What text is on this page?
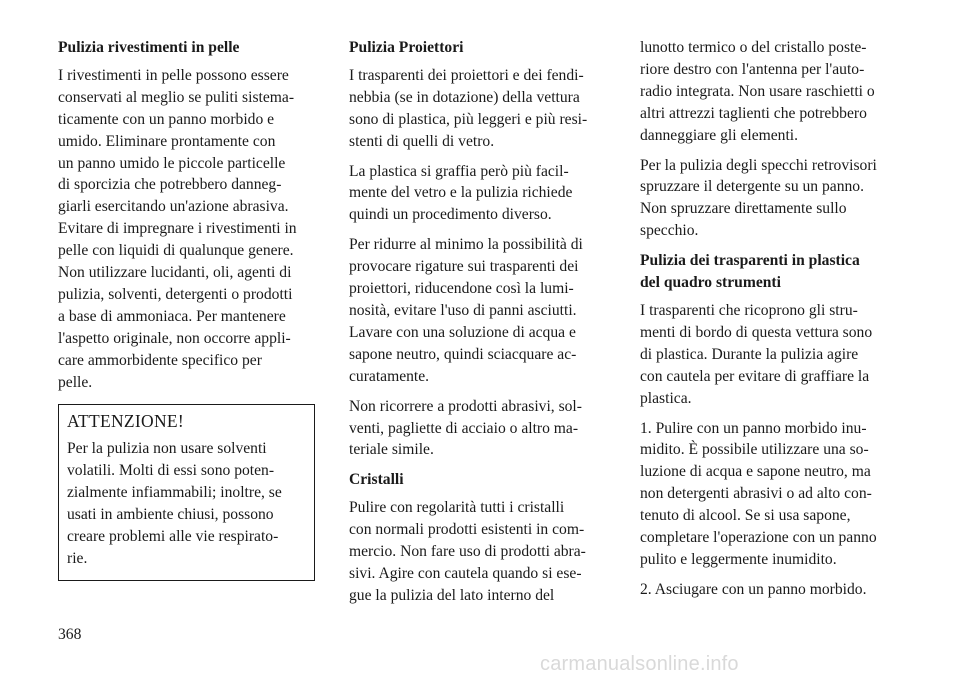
Pulizia rivestimenti in pelle
I rivestimenti in pelle possono essere
conservati al meglio se puliti sistema-
ticamente con un panno morbido e
umido. Eliminare prontamente con
un panno umido le piccole particelle
di sporcizia che potrebbero danneg-
giarli esercitando un'azione abrasiva.
Evitare di impregnare i rivestimenti in
pelle con liquidi di qualunque genere.
Non utilizzare lucidanti, oli, agenti di
pulizia, solventi, detergenti o prodotti
a base di ammoniaca. Per mantenere
l'aspetto originale, non occorre appli-
care ammorbidente specifico per
pelle.
ATTENZIONE!
Per la pulizia non usare solventi
volatili. Molti di essi sono poten-
zialmente infiammabili; inoltre, se
usati in ambiente chiusi, possono
creare problemi alle vie respirato-
rie.
Pulizia Proiettori
I trasparenti dei proiettori e dei fendi-
nebbia (se in dotazione) della vettura
sono di plastica, più leggeri e più resi-
stenti di quelli di vetro.
La plastica si graffia però più facil-
mente del vetro e la pulizia richiede
quindi un procedimento diverso.
Per ridurre al minimo la possibilità di
provocare rigature sui trasparenti dei
proiettori, riducendone così la lumi-
nosità, evitare l'uso di panni asciutti.
Lavare con una soluzione di acqua e
sapone neutro, quindi sciacquare ac-
curatamente.
Non ricorrere a prodotti abrasivi, sol-
venti, pagliette di acciaio o altro ma-
teriale simile.
Cristalli
Pulire con regolarità tutti i cristalli
con normali prodotti esistenti in com-
mercio. Non fare uso di prodotti abra-
sivi. Agire con cautela quando si ese-
gue la pulizia del lato interno del
lunotto termico o del cristallo poste-
riore destro con l'antenna per l'auto-
radio integrata. Non usare raschietti o
altri attrezzi taglienti che potrebbero
danneggiare gli elementi.
Per la pulizia degli specchi retrovisori
spruzzare il detergente su un panno.
Non spruzzare direttamente sullo
specchio.
Pulizia dei trasparenti in plastica
del quadro strumenti
I trasparenti che ricoprono gli stru-
menti di bordo di questa vettura sono
di plastica. Durante la pulizia agire
con cautela per evitare di graffiare la
plastica.
1. Pulire con un panno morbido inu-
midito. È possibile utilizzare una so-
luzione di acqua e sapone neutro, ma
non detergenti abrasivi o ad alto con-
tenuto di alcool. Se si usa sapone,
completare l'operazione con un panno
pulito e leggermente inumidito.
2. Asciugare con un panno morbido.
368
carmanualsonline.info
